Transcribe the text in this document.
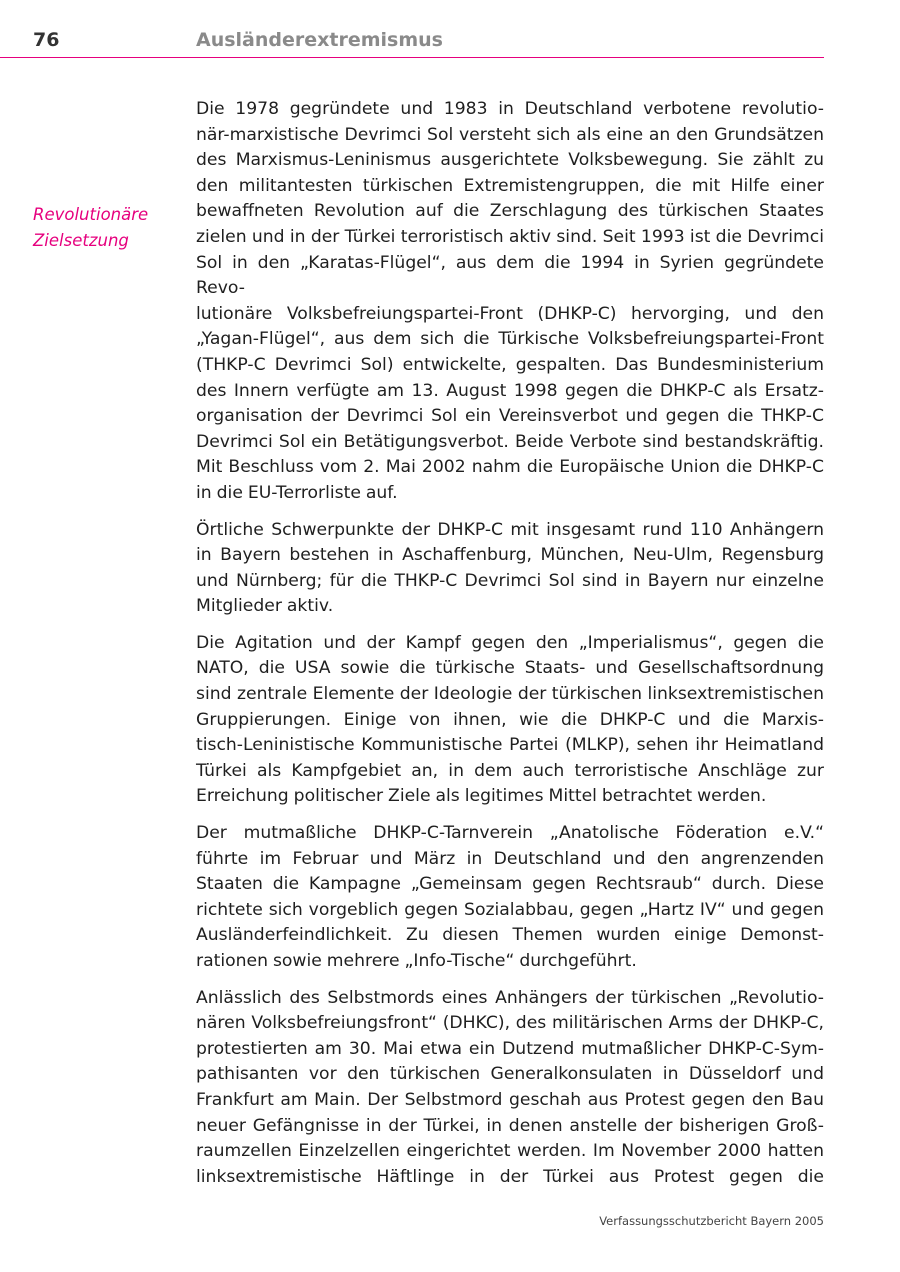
76	Ausländerextremismus
Revolutionäre
Zielsetzung
Die 1978 gegründete und 1983 in Deutschland verbotene revolutio-
när-marxistische Devrimci Sol versteht sich als eine an den Grundsätzen
des Marxismus-Leninismus ausgerichtete Volksbewegung. Sie zählt zu
den militantesten türkischen Extremistengruppen, die mit Hilfe einer
bewaffneten Revolution auf die Zerschlagung des türkischen Staates
zielen und in der Türkei terroristisch aktiv sind. Seit 1993 ist die Devrimci
Sol in den „Karatas-Flügel“, aus dem die 1994 in Syrien gegründete Revo-
lutionäre Volksbefreiungspartei-Front (DHKP-C) hervorging, und den
„Yagan-Flügel“, aus dem sich die Türkische Volksbefreiungspartei-Front
(THKP-C Devrimci Sol) entwickelte, gespalten. Das Bundesministerium
des Innern verfügte am 13. August 1998 gegen die DHKP-C als Ersatz-
organisation der Devrimci Sol ein Vereinsverbot und gegen die THKP-C
Devrimci Sol ein Betätigungsverbot. Beide Verbote sind bestandskräftig.
Mit Beschluss vom 2. Mai 2002 nahm die Europäische Union die DHKP-C
in die EU-Terrorliste auf.
Örtliche Schwerpunkte der DHKP-C mit insgesamt rund 110 Anhängern
in Bayern bestehen in Aschaffenburg, München, Neu-Ulm, Regensburg
und Nürnberg; für die THKP-C Devrimci Sol sind in Bayern nur einzelne
Mitglieder aktiv.
Die Agitation und der Kampf gegen den „Imperialismus“, gegen die
NATO, die USA sowie die türkische Staats- und Gesellschaftsordnung
sind zentrale Elemente der Ideologie der türkischen linksextremistischen
Gruppierungen. Einige von ihnen, wie die DHKP-C und die Marxis-
tisch-Leninistische Kommunistische Partei (MLKP), sehen ihr Heimatland
Türkei als Kampfgebiet an, in dem auch terroristische Anschläge zur
Erreichung politischer Ziele als legitimes Mittel betrachtet werden.
Der mutmaßliche DHKP-C-Tarnverein „Anatolische Föderation e.V.“
führte im Februar und März in Deutschland und den angrenzenden
Staaten die Kampagne „Gemeinsam gegen Rechtsraub“ durch. Diese
richtete sich vorgeblich gegen Sozialabbau, gegen „Hartz IV“ und gegen
Ausländerfeindlichkeit. Zu diesen Themen wurden einige Demonst-
rationen sowie mehrere „Info-Tische“ durchgeführt.
Anlässlich des Selbstmords eines Anhängers der türkischen „Revolutio-
nären Volksbefreiungsfront“ (DHKC), des militärischen Arms der DHKP-C,
protestierten am 30. Mai etwa ein Dutzend mutmaßlicher DHKP-C-Sym-
pathisanten vor den türkischen Generalkonsulaten in Düsseldorf und
Frankfurt am Main. Der Selbstmord geschah aus Protest gegen den Bau
neuer Gefängnisse in der Türkei, in denen anstelle der bisherigen Groß-
raumzellen Einzelzellen eingerichtet werden. Im November 2000 hatten
linksextremistische Häftlinge in der Türkei aus Protest gegen die
Verfassungsschutzbericht Bayern 2005
